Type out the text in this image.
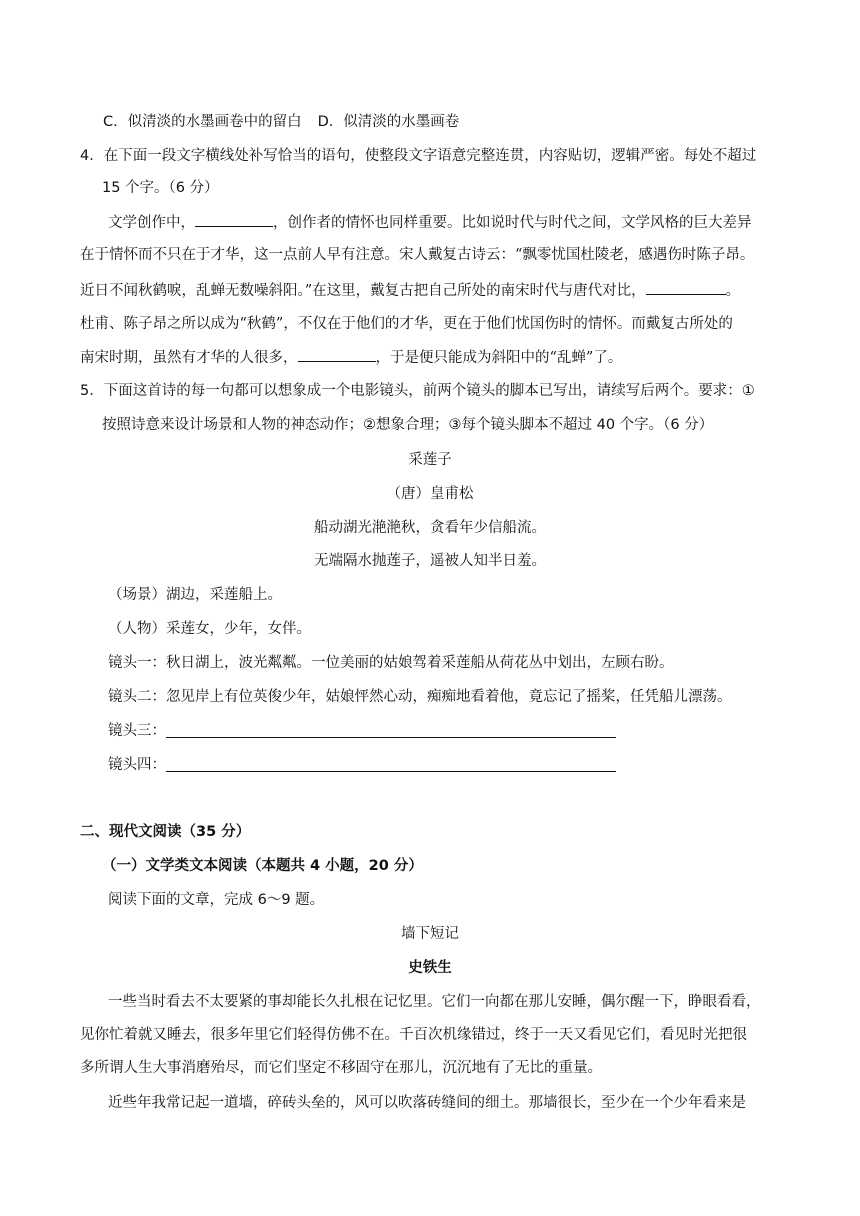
C．似清淡的水墨画卷中的留白 D．似清淡的水墨画卷
4．在下面一段文字横线处补写恰当的语句，使整段文字语意完整连贯，内容贴切，逻辑严密。每处不超过
15 个字。（6 分）
文学创作中，	，创作者的情怀也同样重要。比如说时代与时代之间，文学风格的巨大差异
在于情怀而不只在于才华，这一点前人早有注意。宋人戴复古诗云：“飘零忧国杜陵老，感遇伤时陈子昂。
近日不闻秋鹤唳，乱蝉无数噪斜阳。”在这里，戴复古把自己所处的南宋时代与唐代对比，	。
杜甫、陈子昂之所以成为“秋鹤”，不仅在于他们的才华，更在于他们忧国伤时的情怀。而戴复古所处的
南宋时期，虽然有才华的人很多，	，于是便只能成为斜阳中的“乱蝉”了。
5．下面这首诗的每一句都可以想象成一个电影镜头，前两个镜头的脚本已写出，请续写后两个。要求：①
按照诗意来设计场景和人物的神态动作；②想象合理；③每个镜头脚本不超过 40 个字。（6 分）
采莲子
（唐）皇甫松
船动湖光滟滟秋，贪看年少信船流。
无端隔水抛莲子，遥被人知半日羞。
（场景）湖边，采莲船上。
（人物）采莲女，少年，女伴。
镜头一：秋日湖上，波光粼粼。一位美丽的姑娘驾着采莲船从荷花丛中划出，左顾右盼。
镜头二：忽见岸上有位英俊少年，姑娘怦然心动，痴痴地看着他，竟忘记了摇桨，任凭船儿漂荡。
镜头三：
镜头四：
二、现代文阅读（35 分）
（一）文学类文本阅读（本题共 4 小题，20 分）
阅读下面的文章，完成 6～9 题。
墙下短记
史铁生
一些当时看去不太要紧的事却能长久扎根在记忆里。它们一向都在那儿安睡，偶尔醒一下，睁眼看看，
见你忙着就又睡去，很多年里它们轻得仿佛不在。千百次机缘错过，终于一天又看见它们，看见时光把很
多所谓人生大事消磨殆尽，而它们坚定不移固守在那儿，沉沉地有了无比的重量。
近些年我常记起一道墙，碎砖头垒的，风可以吹落砖缝间的细土。那墙很长，至少在一个少年看来是
